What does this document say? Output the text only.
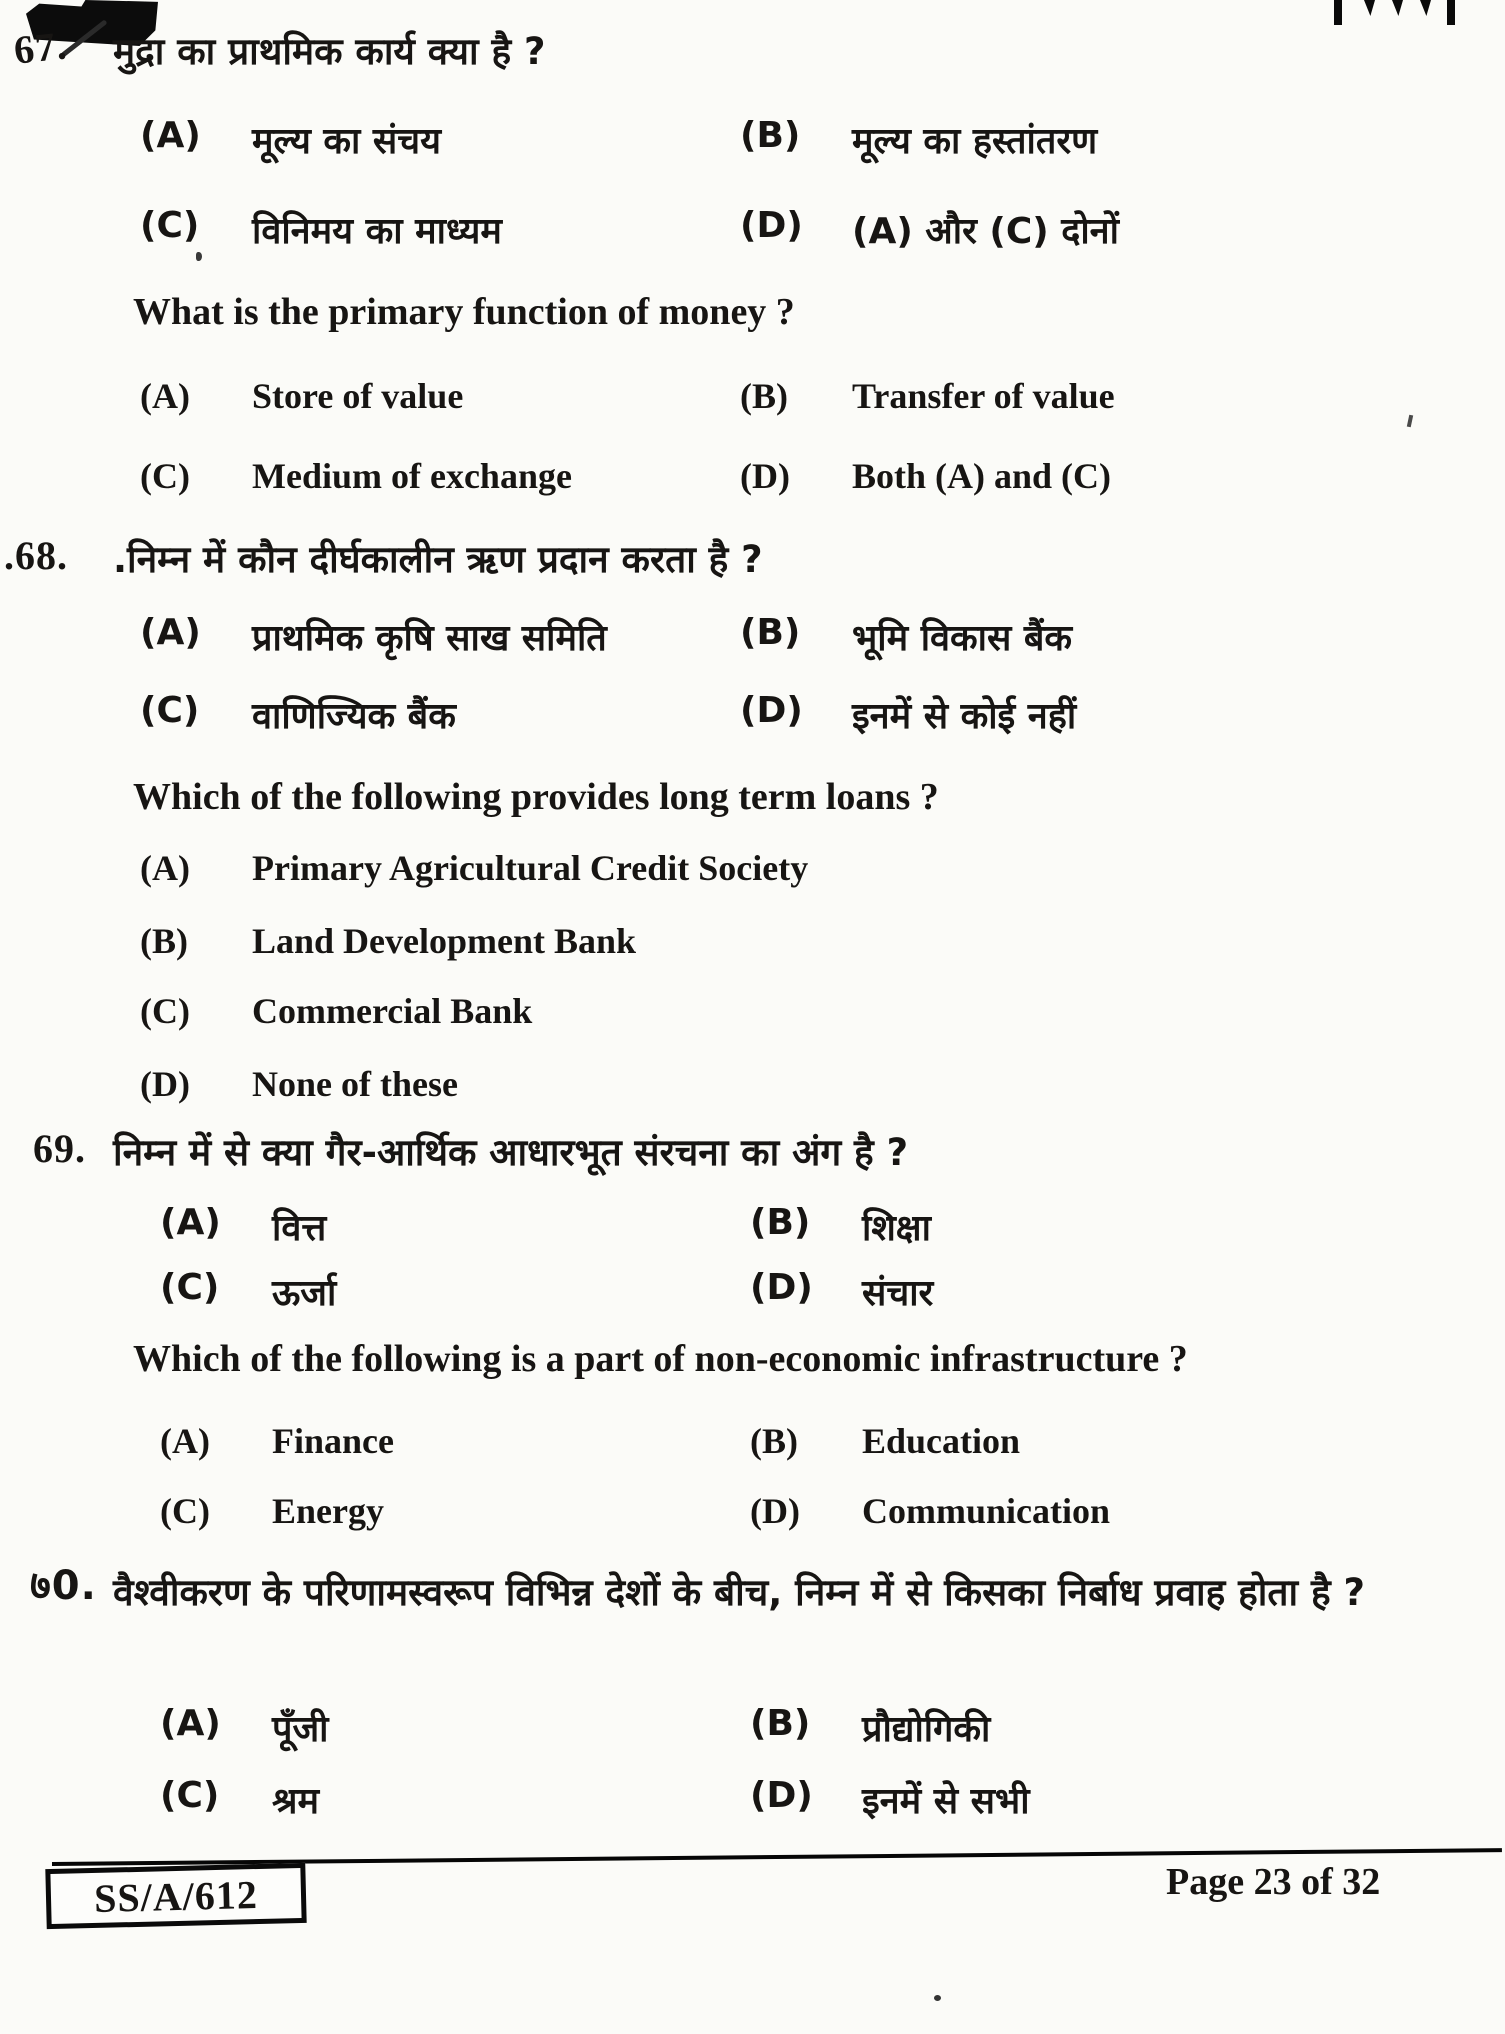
67. मुद्रा का प्राथमिक कार्य क्या है ?
(A)	मूल्य का संचय	(B)	मूल्य का हस्तांतरण
(C)	विनिमय का माध्यम	(D)	(A) और (C) दोनों
What is the primary function of money ?
(A)	Store of value	(B)	Transfer of value
(C)	Medium of exchange	(D)	Both (A) and (C)
.68. .निम्न में कौन दीर्घकालीन ऋण प्रदान करता है ?
(A)	प्राथमिक कृषि साख समिति	(B)	भूमि विकास बैंक
(C)	वाणिज्यिक बैंक	(D)	इनमें से कोई नहीं
Which of the following provides long term loans ?
(A)	Primary Agricultural Credit Society
(B)	Land Development Bank
(C)	Commercial Bank
(D)	None of these
69. निम्न में से क्या गैर-आर्थिक आधारभूत संरचना का अंग है ?
(A)	वित्त	(B)	शिक्षा
(C)	ऊर्जा	(D)	संचार
Which of the following is a part of non-economic infrastructure ?
(A)	Finance	(B)	Education
(C)	Energy	(D)	Communication
७0. वैश्वीकरण के परिणामस्वरूप विभिन्न देशों के बीच, निम्न में से किसका निर्बाध प्रवाह होता है ?
(A)	पूँजी	(B)	प्रौद्योगिकी
(C)	श्रम	(D)	इनमें से सभी
SS/A/612	Page 23 of 32
